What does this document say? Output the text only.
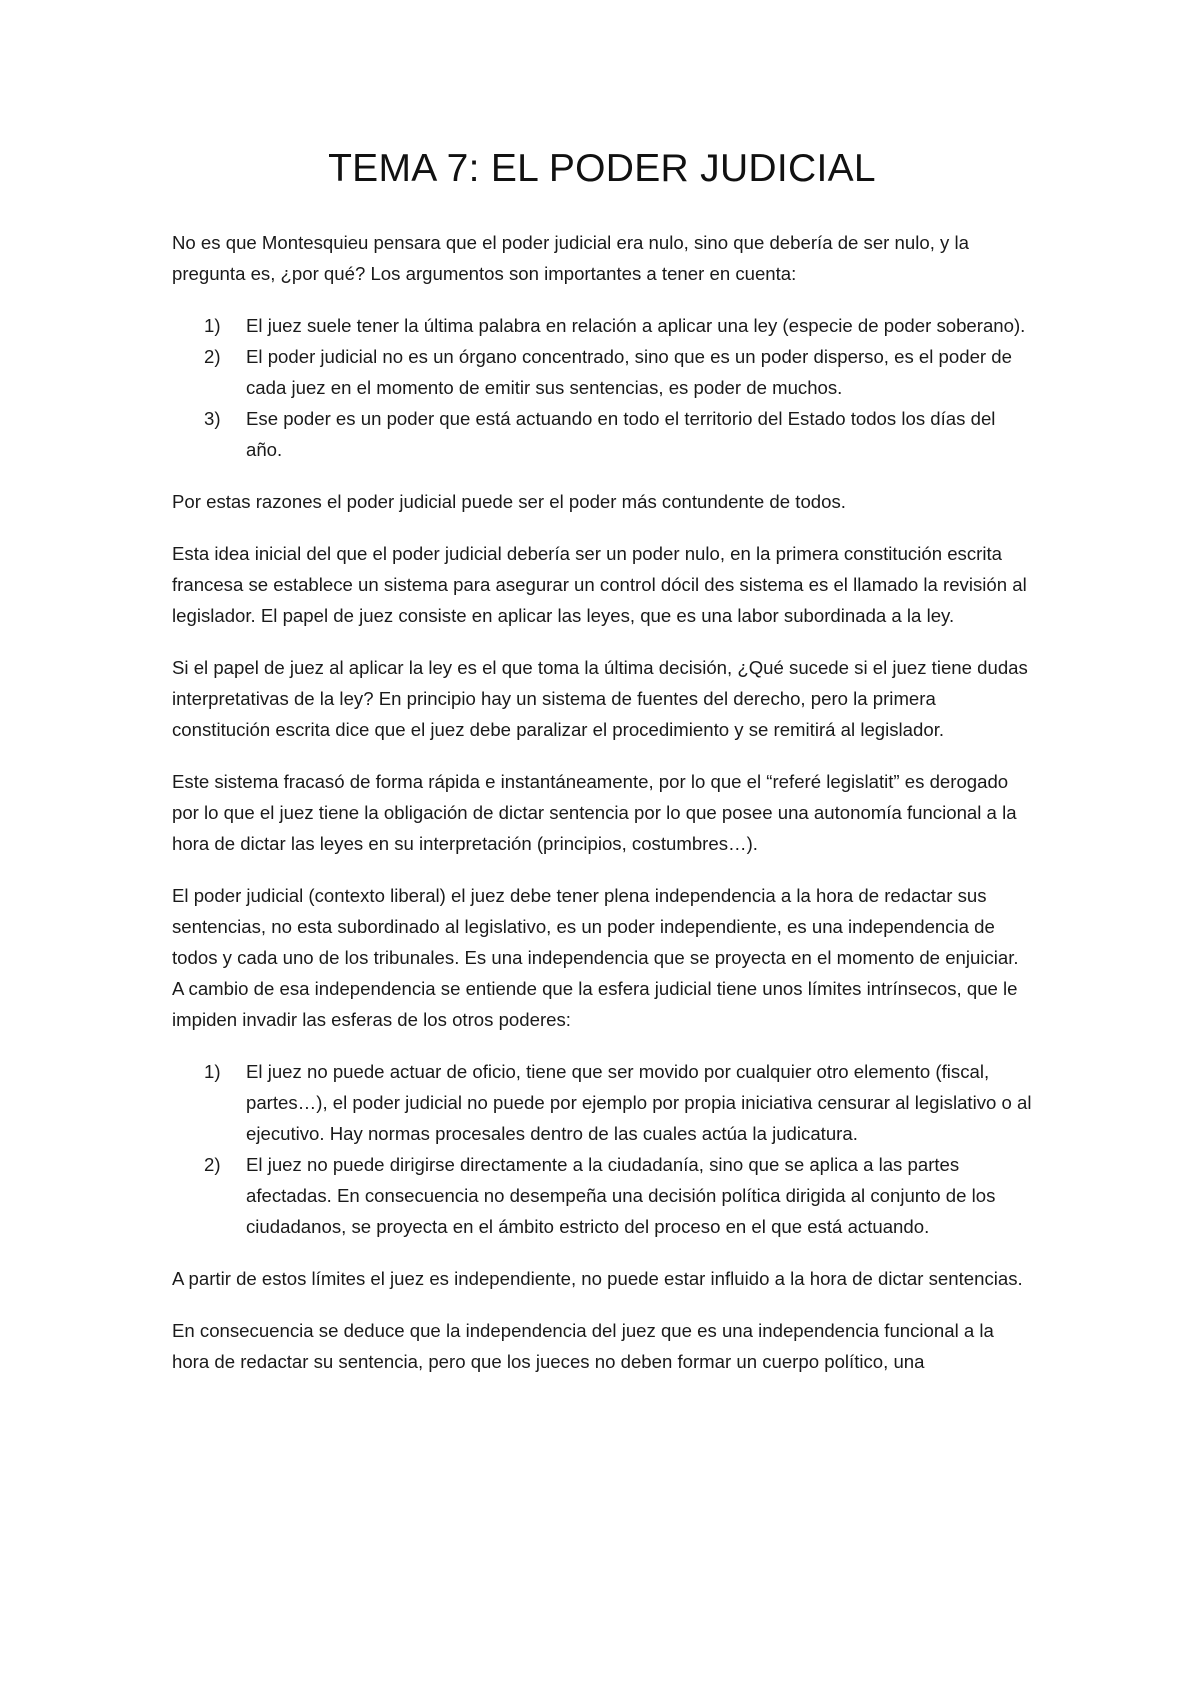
TEMA 7: EL PODER JUDICIAL

No es que Montesquieu pensara que el poder judicial era nulo, sino que debería de ser nulo, y la pregunta es, ¿por qué? Los argumentos son importantes a tener en cuenta:

1) El juez suele tener la última palabra en relación a aplicar una ley (especie de poder soberano).
2) El poder judicial no es un órgano concentrado, sino que es un poder disperso, es el poder de cada juez en el momento de emitir sus sentencias, es poder de muchos.
3) Ese poder es un poder que está actuando en todo el territorio del Estado todos los días del año.

Por estas razones el poder judicial puede ser el poder más contundente de todos.

Esta idea inicial del que el poder judicial debería ser un poder nulo, en la primera constitución escrita francesa se establece un sistema para asegurar un control dócil des sistema es el llamado la revisión al legislador. El papel de juez consiste en aplicar las leyes, que es una labor subordinada a la ley.

Si el papel de juez al aplicar la ley es el que toma la última decisión, ¿Qué sucede si el juez tiene dudas interpretativas de la ley? En principio hay un sistema de fuentes del derecho, pero la primera constitución escrita dice que el juez debe paralizar el procedimiento y se remitirá al legislador.

Este sistema fracasó de forma rápida e instantáneamente, por lo que el “referé legislatit” es derogado por lo que el juez tiene la obligación de dictar sentencia por lo que posee una autonomía funcional a la hora de dictar las leyes en su interpretación (principios, costumbres…).

El poder judicial (contexto liberal) el juez debe tener plena independencia a la hora de redactar sus sentencias, no esta subordinado al legislativo, es un poder independiente, es una independencia de todos y cada uno de los tribunales. Es una independencia que se proyecta en el momento de enjuiciar. A cambio de esa independencia se entiende que la esfera judicial tiene unos límites intrínsecos, que le impiden invadir las esferas de los otros poderes:

1) El juez no puede actuar de oficio, tiene que ser movido por cualquier otro elemento (fiscal, partes…), el poder judicial no puede por ejemplo por propia iniciativa censurar al legislativo o al ejecutivo. Hay normas procesales dentro de las cuales actúa la judicatura.
2) El juez no puede dirigirse directamente a la ciudadanía, sino que se aplica a las partes afectadas. En consecuencia no desempeña una decisión política dirigida al conjunto de los ciudadanos, se proyecta en el ámbito estricto del proceso en el que está actuando.

A partir de estos límites el juez es independiente, no puede estar influido a la hora de dictar sentencias.

En consecuencia se deduce que la independencia del juez que es una independencia funcional a la hora de redactar su sentencia, pero que los jueces no deben formar un cuerpo político, una
